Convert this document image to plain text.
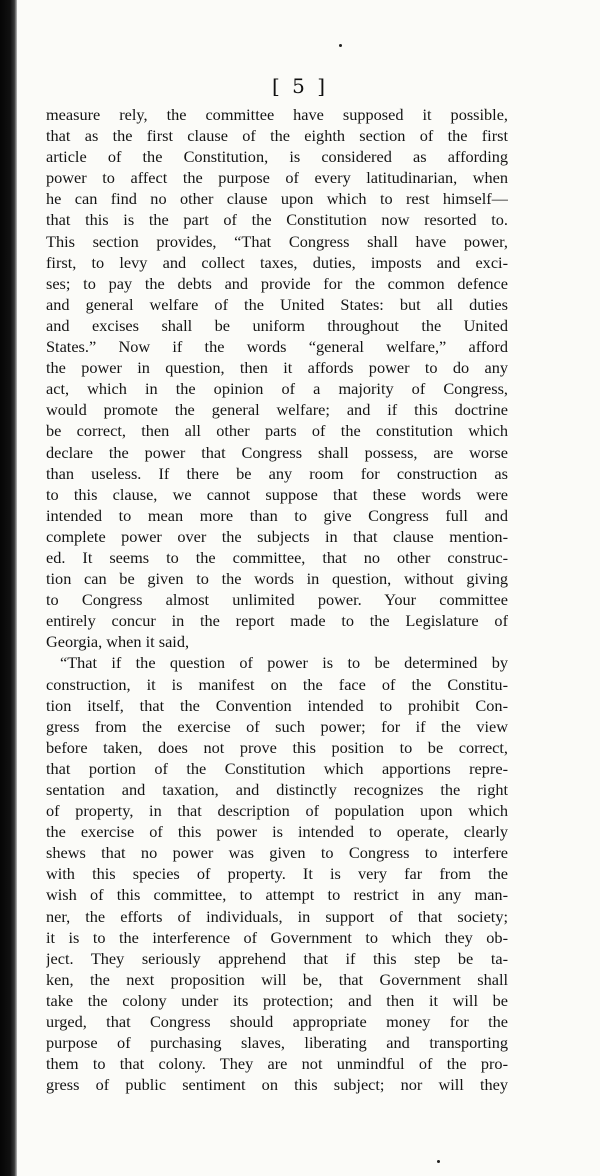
[ 5 ]
measure rely, the committee have supposed it possible,
that as the first clause of the eighth section of the first
article of the Constitution, is considered as affording
power to affect the purpose of every latitudinarian, when
he can find no other clause upon which to rest himself—
that this is the part of the Constitution now resorted to.
This section provides, “That Congress shall have power,
first, to levy and collect taxes, duties, imposts and exci-
ses; to pay the debts and provide for the common defence
and general welfare of the United States: but all duties
and excises shall be uniform throughout the United
States.” Now if the words “general welfare,” afford
the power in question, then it affords power to do any
act, which in the opinion of a majority of Congress,
would promote the general welfare; and if this doctrine
be correct, then all other parts of the constitution which
declare the power that Congress shall possess, are worse
than useless. If there be any room for construction as
to this clause, we cannot suppose that these words were
intended to mean more than to give Congress full and
complete power over the subjects in that clause mention-
ed. It seems to the committee, that no other construc-
tion can be given to the words in question, without giving
to Congress almost unlimited power. Your committee
entirely concur in the report made to the Legislature of
Georgia, when it said,
“That if the question of power is to be determined by
construction, it is manifest on the face of the Constitu-
tion itself, that the Convention intended to prohibit Con-
gress from the exercise of such power; for if the view
before taken, does not prove this position to be correct,
that portion of the Constitution which apportions repre-
sentation and taxation, and distinctly recognizes the right
of property, in that description of population upon which
the exercise of this power is intended to operate, clearly
shews that no power was given to Congress to interfere
with this species of property. It is very far from the
wish of this committee, to attempt to restrict in any man-
ner, the efforts of individuals, in support of that society;
it is to the interference of Government to which they ob-
ject. They seriously apprehend that if this step be ta-
ken, the next proposition will be, that Government shall
take the colony under its protection; and then it will be
urged, that Congress should appropriate money for the
purpose of purchasing slaves, liberating and transporting
them to that colony. They are not unmindful of the pro-
gress of public sentiment on this subject; nor will they
